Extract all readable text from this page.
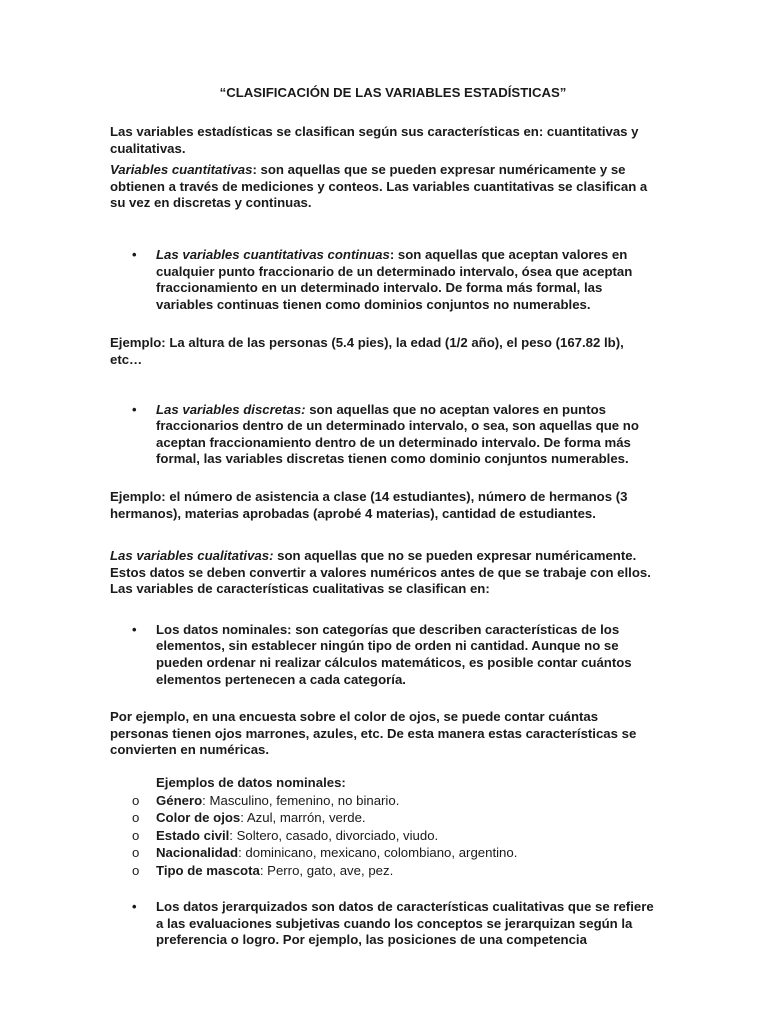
“CLASIFICACIÓN DE LAS VARIABLES ESTADÍSTICAS”

Las variables estadísticas se clasifican según sus características en: cuantitativas y cualitativas.

Variables cuantitativas: son aquellas que se pueden expresar numéricamente y se obtienen a través de mediciones y conteos. Las variables cuantitativas se clasifican a su vez en discretas y continuas.

• Las variables cuantitativas continuas: son aquellas que aceptan valores en cualquier punto fraccionario de un determinado intervalo, ósea que aceptan fraccionamiento en un determinado intervalo. De forma más formal, las variables continuas tienen como dominios conjuntos no numerables.

Ejemplo: La altura de las personas (5.4 pies), la edad (1/2 año), el peso (167.82 lb), etc…

• Las variables discretas: son aquellas que no aceptan valores en puntos fraccionarios dentro de un determinado intervalo, o sea, son aquellas que no aceptan fraccionamiento dentro de un determinado intervalo. De forma más formal, las variables discretas tienen como dominio conjuntos numerables.

Ejemplo: el número de asistencia a clase (14 estudiantes), número de hermanos (3 hermanos), materias aprobadas (aprobé 4 materias), cantidad de estudiantes.

Las variables cualitativas: son aquellas que no se pueden expresar numéricamente. Estos datos se deben convertir a valores numéricos antes de que se trabaje con ellos. Las variables de características cualitativas se clasifican en:

• Los datos nominales: son categorías que describen características de los elementos, sin establecer ningún tipo de orden ni cantidad. Aunque no se pueden ordenar ni realizar cálculos matemáticos, es posible contar cuántos elementos pertenecen a cada categoría.

Por ejemplo, en una encuesta sobre el color de ojos, se puede contar cuántas personas tienen ojos marrones, azules, etc. De esta manera estas características se convierten en numéricas.

Ejemplos de datos nominales:
o Género: Masculino, femenino, no binario.
o Color de ojos: Azul, marrón, verde.
o Estado civil: Soltero, casado, divorciado, viudo.
o Nacionalidad: dominicano, mexicano, colombiano, argentino.
o Tipo de mascota: Perro, gato, ave, pez.
• Los datos jerarquizados son datos de características cualitativas que se refiere a las evaluaciones subjetivas cuando los conceptos se jerarquizan según la preferencia o logro. Por ejemplo, las posiciones de una competencia
